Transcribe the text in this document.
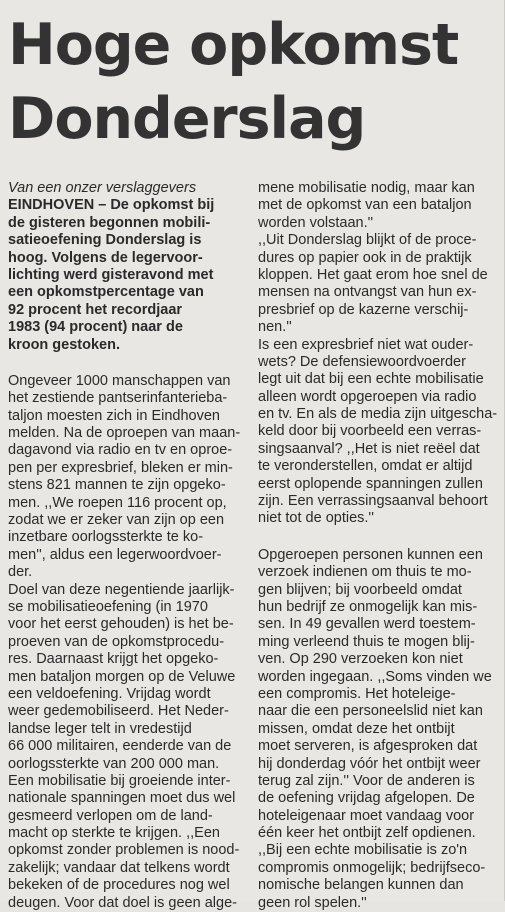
Hoge opkomst
Donderslag

Van een onzer verslaggevers

EINDHOVEN – De opkomst bij
de gisteren begonnen mobili-
satieoefening Donderslag is
hoog. Volgens de legervoor-
lichting werd gisteravond met
een opkomstpercentage van
92 procent het recordjaar
1983 (94 procent) naar de
kroon gestoken.

Ongeveer 1000 manschappen van
het zestiende pantserinfanterieba-
taljon moesten zich in Eindhoven
melden. Na de oproepen van maan-
dagavond via radio en tv en oproe-
pen per expresbrief, bleken er min-
stens 821 mannen te zijn opgeko-
men. ,,We roepen 116 procent op,
zodat we er zeker van zijn op een
inzetbare oorlogssterkte te ko-
men'', aldus een legerwoordvoer-
der.

Doel van deze negentiende jaarlijk-
se mobilisatieoefening (in 1970
voor het eerst gehouden) is het be-
proeven van de opkomstprocedu-
res. Daarnaast krijgt het opgeko-
men bataljon morgen op de Veluwe
een veldoefening. Vrijdag wordt
weer gedemobiliseerd. Het Neder-
landse leger telt in vredestijd
66 000 militairen, eenderde van de
oorlogssterkte van 200 000 man.

Een mobilisatie bij groeiende inter-
nationale spanningen moet dus wel
gesmeerd verlopen om de land-
macht op sterkte te krijgen. ,,Een
opkomst zonder problemen is nood-
zakelijk; vandaar dat telkens wordt
bekeken of de procedures nog wel
deugen. Voor dat doel is geen alge-

mene mobilisatie nodig, maar kan
met de opkomst van een bataljon
worden volstaan.''

,,Uit Donderslag blijkt of de proce-
dures op papier ook in de praktijk
kloppen. Het gaat erom hoe snel de
mensen na ontvangst van hun ex-
presbrief op de kazerne verschij-
nen.''

Is een expresbrief niet wat ouder-
wets? De defensiewoordvoerder
legt uit dat bij een echte mobilisatie
alleen wordt opgeroepen via radio
en tv. En als de media zijn uitgescha-
keld door bij voorbeeld een verras-
singsaanval? ,,Het is niet reëel dat
te veronderstellen, omdat er altijd
eerst oplopende spanningen zullen
zijn. Een verrassingsaanval behoort
niet tot de opties.''

Opgeroepen personen kunnen een
verzoek indienen om thuis te mo-
gen blijven; bij voorbeeld omdat
hun bedrijf ze onmogelijk kan mis-
sen. In 49 gevallen werd toestem-
ming verleend thuis te mogen blij-
ven. Op 290 verzoeken kon niet
worden ingegaan. ,,Soms vinden we
een compromis. Het hoteleige-
naar die een personeelslid niet kan
missen, omdat deze het ontbijt
moet serveren, is afgesproken dat
hij donderdag vóór het ontbijt weer
terug zal zijn.'' Voor de anderen is
de oefening vrijdag afgelopen. De
hoteleigenaar moet vandaag voor
één keer het ontbijt zelf opdienen.
,,Bij een echte mobilisatie is zo'n
compromis onmogelijk; bedrijfseco-
nomische belangen kunnen dan
geen rol spelen.''
